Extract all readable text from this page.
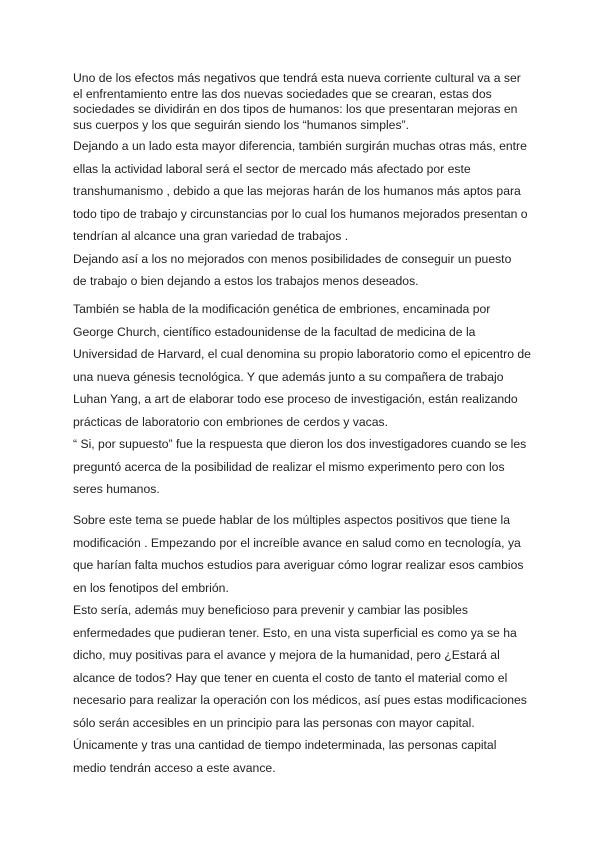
Uno de los efectos más negativos que tendrá esta nueva corriente cultural va a ser
el enfrentamiento entre las dos nuevas sociedades que se crearan, estas dos
sociedades se dividirán en dos tipos de humanos: los que presentaran mejoras en
sus cuerpos y los que seguirán siendo los “humanos simples”.
Dejando a un lado esta mayor diferencia, también surgirán muchas otras más, entre
ellas la actividad laboral será el sector de mercado más afectado por este
transhumanismo , debido a que las mejoras harán de los humanos más aptos para
todo tipo de trabajo y circunstancias por lo cual los humanos mejorados presentan o
tendrían al alcance una gran variedad de trabajos .
Dejando así a los no mejorados con menos posibilidades de conseguir un puesto
de trabajo o bien dejando a estos los trabajos menos deseados.
También se habla de la modificación genética de embriones, encaminada por
George Church, científico estadounidense de la facultad de medicina de la
Universidad de Harvard, el cual denomina su propio laboratorio como el epicentro de
una nueva génesis tecnológica. Y que además junto a su compañera de trabajo
Luhan Yang, a art de elaborar todo ese proceso de investigación, están realizando
prácticas de laboratorio con embriones de cerdos y vacas.
“ Si, por supuesto” fue la respuesta que dieron los dos investigadores cuando se les
preguntó acerca de la posibilidad de realizar el mismo experimento pero con los
seres humanos.
Sobre este tema se puede hablar de los múltiples aspectos positivos que tiene la
modificación . Empezando por el increíble avance en salud como en tecnología, ya
que harían falta muchos estudios para averiguar cómo lograr realizar esos cambios
en los fenotipos del embrión.
Esto sería, además muy beneficioso para prevenir y cambiar las posibles
enfermedades que pudieran tener. Esto, en una vista superficial es como ya se ha
dicho, muy positivas para el avance y mejora de la humanidad, pero ¿Estará al
alcance de todos? Hay que tener en cuenta el costo de tanto el material como el
necesario para realizar la operación con los médicos, así pues estas modificaciones
sólo serán accesibles en un principio para las personas con mayor capital.
Únicamente y tras una cantidad de tiempo indeterminada, las personas capital
medio tendrán acceso a este avance.
